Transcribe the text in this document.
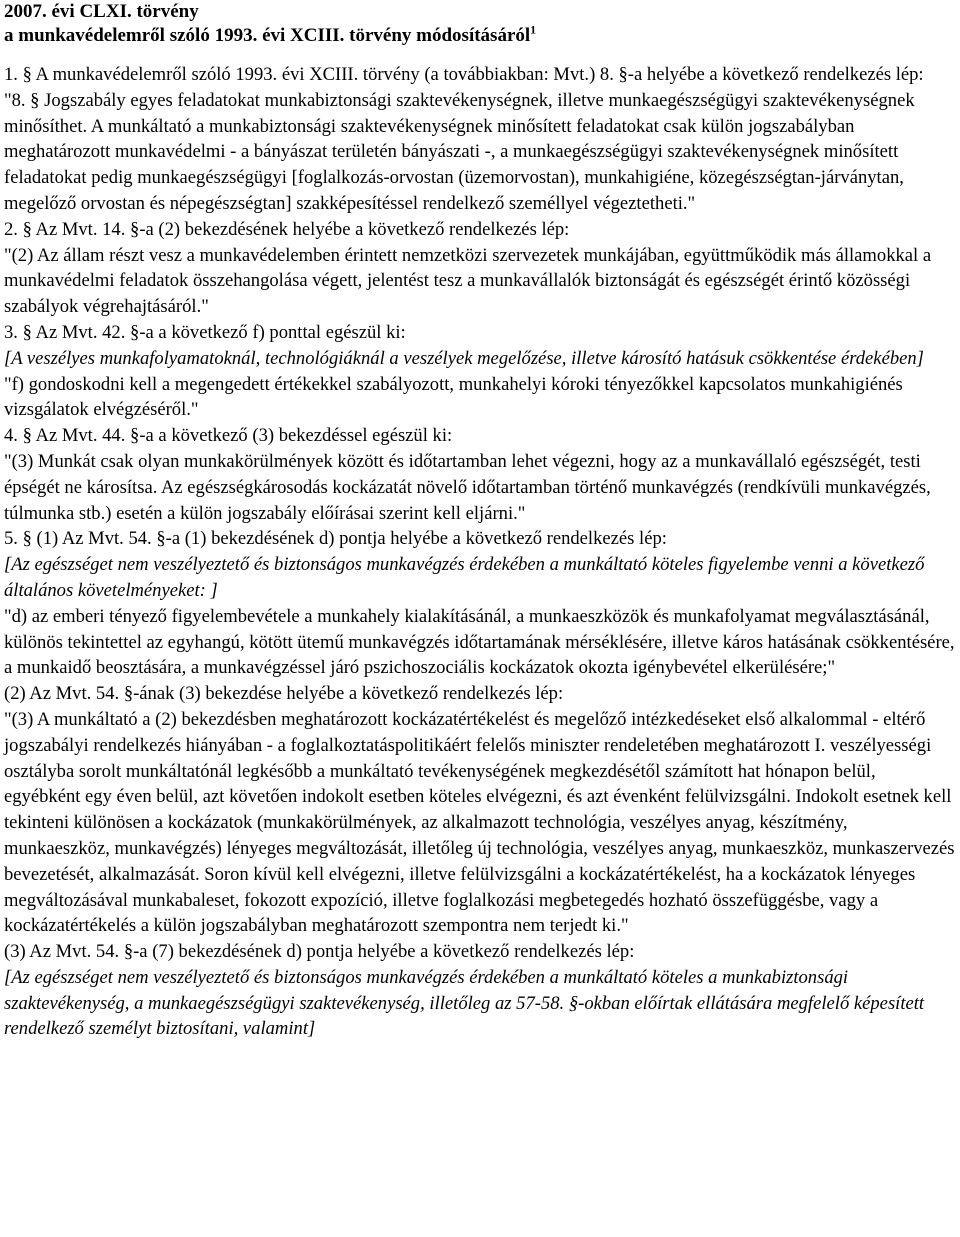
2007. évi CLXI. törvény
a munkavédelemről szóló 1993. évi XCIII. törvény módosításáról$^1$

1. § A munkavédelemről szóló 1993. évi XCIII. törvény (a továbbiakban: Mvt.) 8. §-a helyébe a következő rendelkezés lép:

"8. § Jogszabály egyes feladatokat munkabiztonsági szaktevékenységnek, illetve munkaegészségügyi szaktevékenységnek minősíthet. A munkáltató a munkabiztonsági szaktevékenységnek minősített feladatokat csak külön jogszabályban meghatározott munkavédelmi - a bányászat területén bányászati -, a munkaegészségügyi szaktevékenységnek minősített feladatokat pedig munkaegészségügyi [foglalkozás-orvostan (üzemorvostan), munkahigiéne, közegészségtan-járványtan, megelőző orvostan és népegészségtan] szakképesítéssel rendelkező személlyel végeztetheti."

2. § Az Mvt. 14. §-a (2) bekezdésének helyébe a következő rendelkezés lép:

"(2) Az állam részt vesz a munkavédelemben érintett nemzetközi szervezetek munkájában, együttműködik más államokkal a munkavédelmi feladatok összehangolása végett, jelentést tesz a munkavállalók biztonságát és egészségét érintő közösségi szabályok végrehajtásáról."

3. § Az Mvt. 42. §-a a következő f) ponttal egészül ki:

[A veszélyes munkafolyamatoknál, technológiáknál a veszélyek megelőzése, illetve károsító hatásuk csökkentése érdekében]

"f) gondoskodni kell a megengedett értékekkel szabályozott, munkahelyi kóroki tényezőkkel kapcsolatos munkahigiénés vizsgálatok elvégzéséről."

4. § Az Mvt. 44. §-a a következő (3) bekezdéssel egészül ki:

"(3) Munkát csak olyan munkakörülmények között és időtartamban lehet végezni, hogy az a munkavállaló egészségét, testi épségét ne károsítsa. Az egészségkárosodás kockázatát növelő időtartamban történő munkavégzés (rendkívüli munkavégzés, túlmunka stb.) esetén a külön jogszabály előírásai szerint kell eljárni."

5. § (1) Az Mvt. 54. §-a (1) bekezdésének d) pontja helyébe a következő rendelkezés lép:

[Az egészséget nem veszélyeztető és biztonságos munkavégzés érdekében a munkáltató köteles figyelembe venni a következő általános követelményeket: ]

"d) az emberi tényező figyelembevétele a munkahely kialakításánál, a munkaeszközök és munkafolyamat megválasztásánál, különös tekintettel az egyhangú, kötött ütemű munkavégzés időtartamának mérséklésére, illetve káros hatásának csökkentésére, a munkaidő beosztására, a munkavégzéssel járó pszichoszociális kockázatok okozta igénybevétel elkerülésére;"

(2) Az Mvt. 54. §-ának (3) bekezdése helyébe a következő rendelkezés lép:

"(3) A munkáltató a (2) bekezdésben meghatározott kockázatértékelést és megelőző intézkedéseket első alkalommal - eltérő jogszabályi rendelkezés hiányában - a foglalkoztatáspolitikáért felelős miniszter rendeletében meghatározott I. veszélyességi osztályba sorolt munkáltatónál legkésőbb a munkáltató tevékenységének megkezdésétől számított hat hónapon belül, egyébként egy éven belül, azt követően indokolt esetben köteles elvégezni, és azt évenként felülvizsgálni. Indokolt esetnek kell tekinteni különösen a kockázatok (munkakörülmények, az alkalmazott technológia, veszélyes anyag, készítmény, munkaeszköz, munkavégzés) lényeges megváltozását, illetőleg új technológia, veszélyes anyag, munkaeszköz, munkaszervezés bevezetését, alkalmazását. Soron kívül kell elvégezni, illetve felülvizsgálni a kockázatértékelést, ha a kockázatok lényeges megváltozásával munkabaleset, fokozott expozíció, illetve foglalkozási megbetegedés hozható összefüggésbe, vagy a kockázatértékelés a külön jogszabályban meghatározott szempontra nem terjedt ki."

(3) Az Mvt. 54. §-a (7) bekezdésének d) pontja helyébe a következő rendelkezés lép:

[Az egészséget nem veszélyeztető és biztonságos munkavégzés érdekében a munkáltató köteles a munkabiztonsági szaktevékenység, a munkaegészségügyi szaktevékenység, illetőleg az 57-58. §-okban előírtak ellátására megfelelő képesített rendelkező személyt biztosítani, valamint]
